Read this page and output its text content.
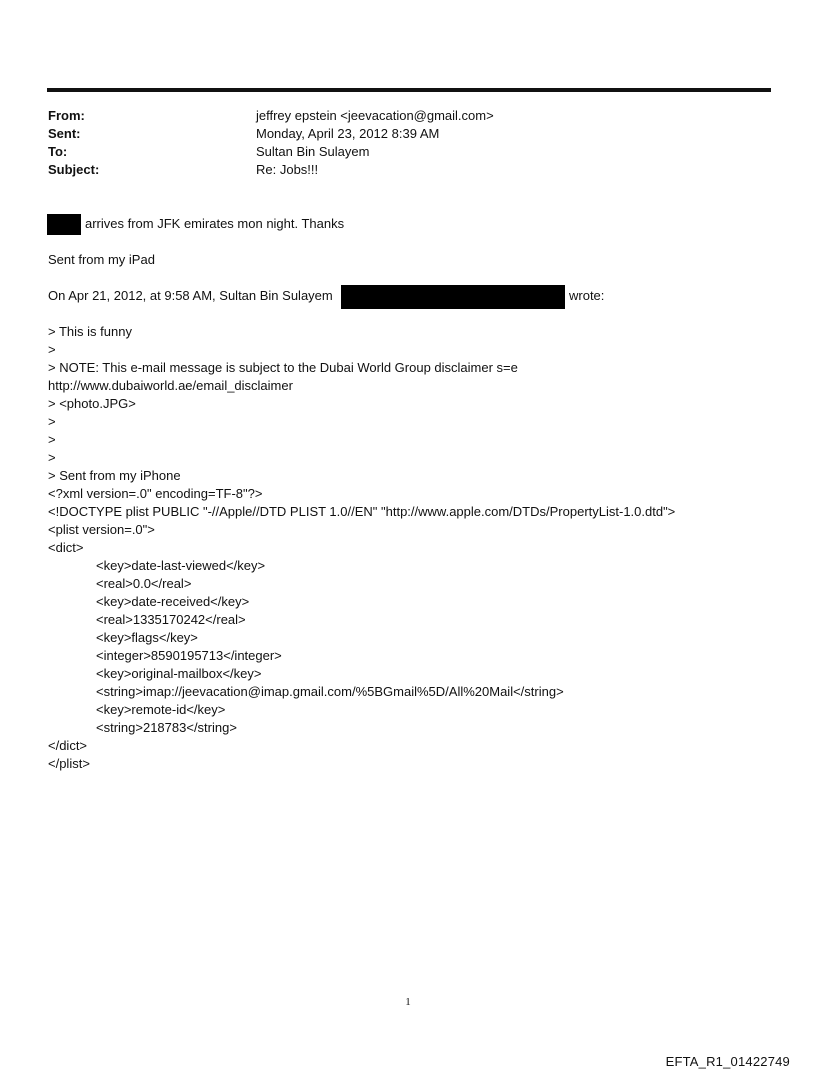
From:	jeffrey epstein <jeevacation@gmail.com>
Sent:	Monday, April 23, 2012 8:39 AM
To:	Sultan Bin Sulayem
Subject:	Re: Jobs!!!
arrives from JFK emirates mon night. Thanks
Sent from my iPad
On Apr 21, 2012, at 9:58 AM, Sultan Bin Sulayem	wrote:
> This is funny
>
> NOTE: This e-mail message is subject to the Dubai World Group disclaimer s=e
http://www.dubaiworld.ae/email_disclaimer
> <photo.JPG>
>
>
>
> Sent from my iPhone
<?xml version=.0" encoding=TF-8"?>
<!DOCTYPE plist PUBLIC "-//Apple//DTD PLIST 1.0//EN" "http://www.apple.com/DTDs/PropertyList-1.0.dtd">
<plist version=.0">
<dict>
<key>date-last-viewed</key>
<real>0.0</real>
<key>date-received</key>
<real>1335170242</real>
<key>flags</key>
<integer>8590195713</integer>
<key>original-mailbox</key>
<string>imap://jeevacation@imap.gmail.com/%5BGmail%5D/All%20Mail</string>
<key>remote-id</key>
<string>218783</string>
</dict>
</plist>
1
EFTA_R1_01422749
